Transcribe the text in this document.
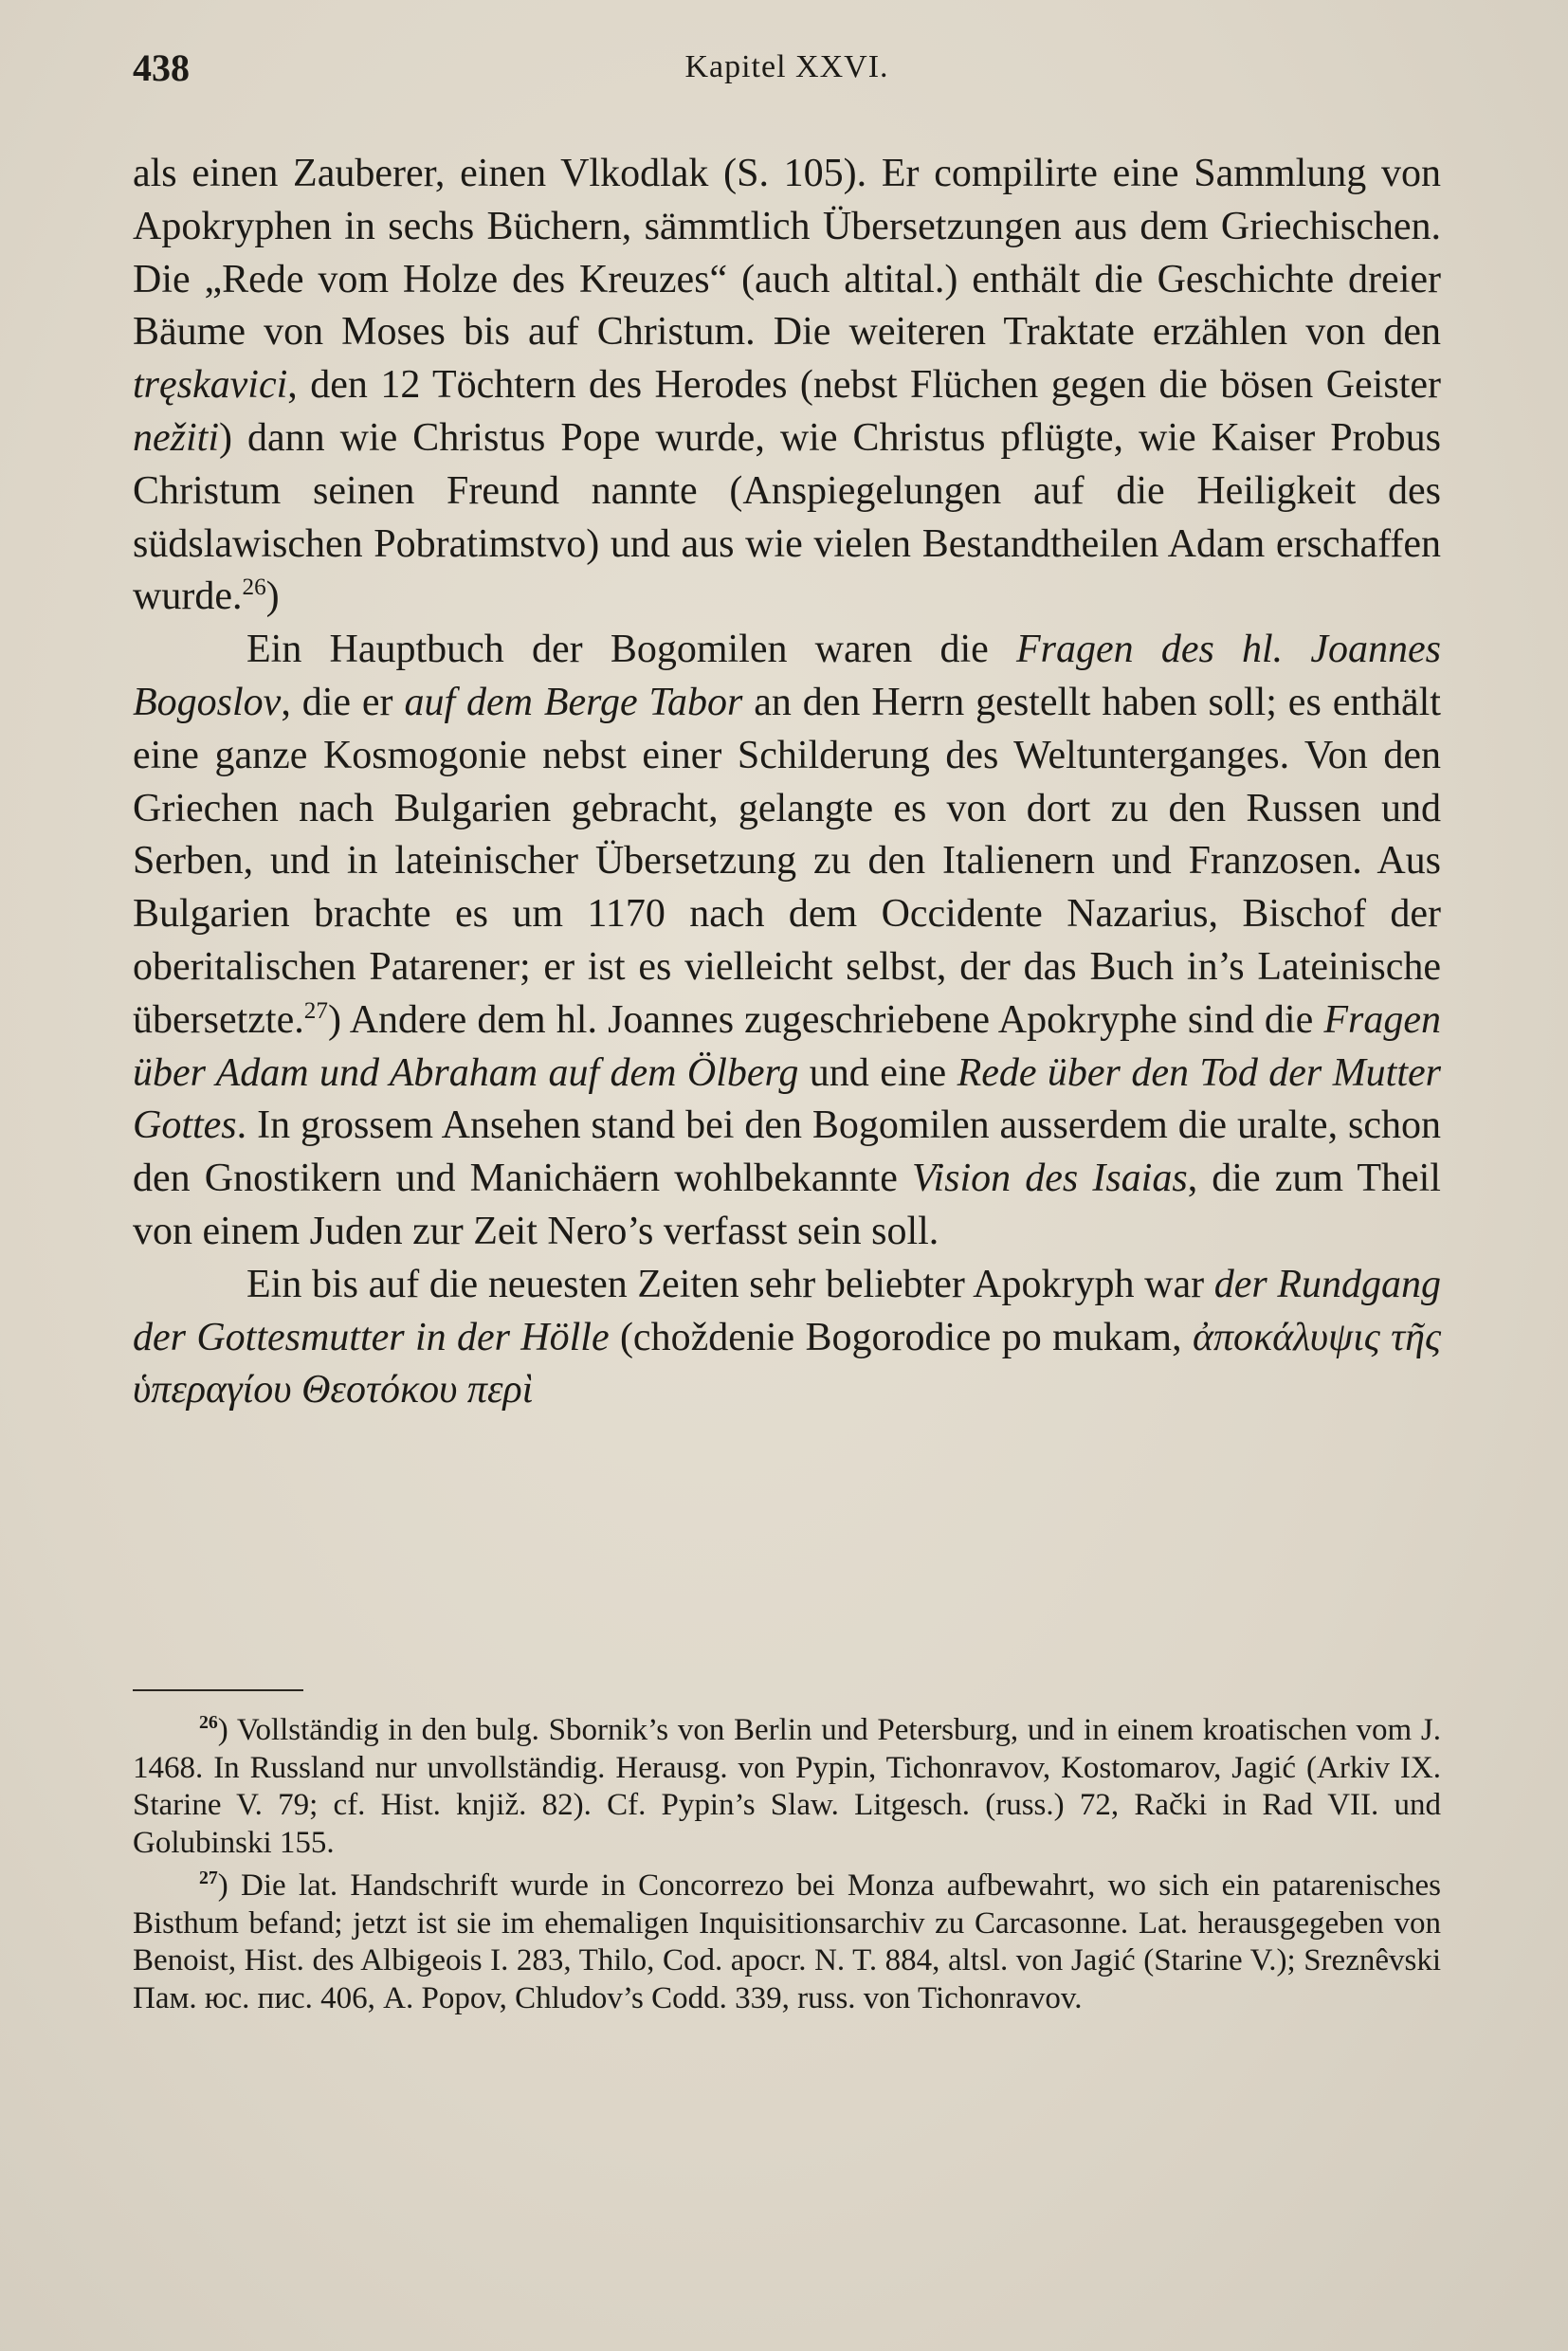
438	Kapitel XXVI.

als einen Zauberer, einen Vlkodlak (S. 105). Er compilirte eine Sammlung von Apokryphen in sechs Büchern, sämmtlich Übersetzungen aus dem Griechischen. Die „Rede vom Holze des Kreuzes“ (auch altital.) enthält die Geschichte dreier Bäume von Moses bis auf Christum. Die weiteren Traktate erzählen von den tręskavici, den 12 Töchtern des Herodes (nebst Flüchen gegen die bösen Geister nežiti) dann wie Christus Pope wurde, wie Christus pflügte, wie Kaiser Probus Christum seinen Freund nannte (Anspiegelungen auf die Heiligkeit des südslawischen Pobratimstvo) und aus wie vielen Bestandtheilen Adam erschaffen wurde.$^{26}$)

Ein Hauptbuch der Bogomilen waren die Fragen des hl. Joannes Bogoslov, die er auf dem Berge Tabor an den Herrn gestellt haben soll; es enthält eine ganze Kosmogonie nebst einer Schilderung des Weltunterganges. Von den Griechen nach Bulgarien gebracht, gelangte es von dort zu den Russen und Serben, und in lateinischer Übersetzung zu den Italienern und Franzosen. Aus Bulgarien brachte es um 1170 nach dem Occidente Nazarius, Bischof der oberitalischen Patarener; er ist es vielleicht selbst, der das Buch in’s Lateinische übersetzte.$^{27}$) Andere dem hl. Joannes zugeschriebene Apokryphe sind die Fragen über Adam und Abraham auf dem Ölberg und eine Rede über den Tod der Mutter Gottes. In grossem Ansehen stand bei den Bogomilen ausserdem die uralte, schon den Gnostikern und Manichäern wohlbekannte Vision des Isaias, die zum Theil von einem Juden zur Zeit Nero’s verfasst sein soll.

Ein bis auf die neuesten Zeiten sehr beliebter Apokryph war der Rundgang der Gottesmutter in der Hölle (choždenie Bogorodice po mukam, ἀποκάλυψις τῆς ὑπεραγίου Θεοτόκου περὶ

$^{26}$) Vollständig in den bulg. Sbornik’s von Berlin und Petersburg, und in einem kroatischen vom J. 1468. In Russland nur unvollständig. Herausg. von Pypin, Tichonravov, Kostomarov, Jagić (Arkiv IX. Starine V. 79; cf. Hist. knjiž. 82). Cf. Pypin’s Slaw. Litgesch. (russ.) 72, Rački in Rad VII. und Golubinski 155.

$^{27}$) Die lat. Handschrift wurde in Concorrezo bei Monza aufbewahrt, wo sich ein patarenisches Bisthum befand; jetzt ist sie im ehemaligen Inquisitionsarchiv zu Carcasonne. Lat. herausgegeben von Benoist, Hist. des Albigeois I. 283, Thilo, Cod. apocr. N. T. 884, altsl. von Jagić (Starine V.); Sreznêvski Пам. юс. пис. 406, A. Popov, Chludov’s Codd. 339, russ. von Tichonravov.
